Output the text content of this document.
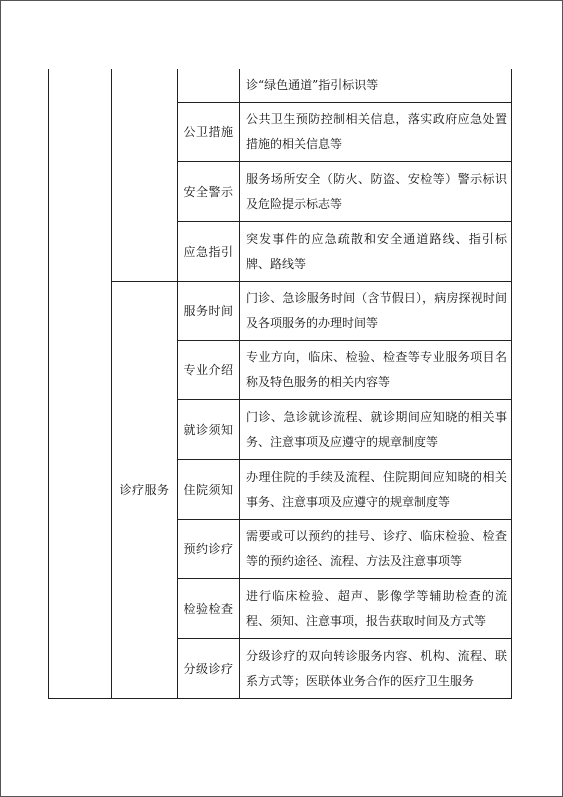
			诊“绿色通道”指引标识等

		公卫措施	公共卫生预防控制相关信息，落实政府应急处置措施的相关信息等

		安全警示	服务场所安全（防火、防盗、安检等）警示标识及危险提示标志等

		应急指引	突发事件的应急疏散和安全通道路线、指引标牌、路线等

	诊疗服务	服务时间	门诊、急诊服务时间（含节假日），病房探视时间及各项服务的办理时间等

		专业介绍	专业方向，临床、检验、检查等专业服务项目名称及特色服务的相关内容等

		就诊须知	门诊、急诊就诊流程、就诊期间应知晓的相关事务、注意事项及应遵守的规章制度等

		住院须知	办理住院的手续及流程、住院期间应知晓的相关事务、注意事项及应遵守的规章制度等

		预约诊疗	需要或可以预约的挂号、诊疗、临床检验、检查等的预约途径、流程、方法及注意事项等

		检验检查	进行临床检验、超声、影像学等辅助检查的流程、须知、注意事项，报告获取时间及方式等

		分级诊疗	分级诊疗的双向转诊服务内容、机构、流程、联系方式等；医联体业务合作的医疗卫生服务
